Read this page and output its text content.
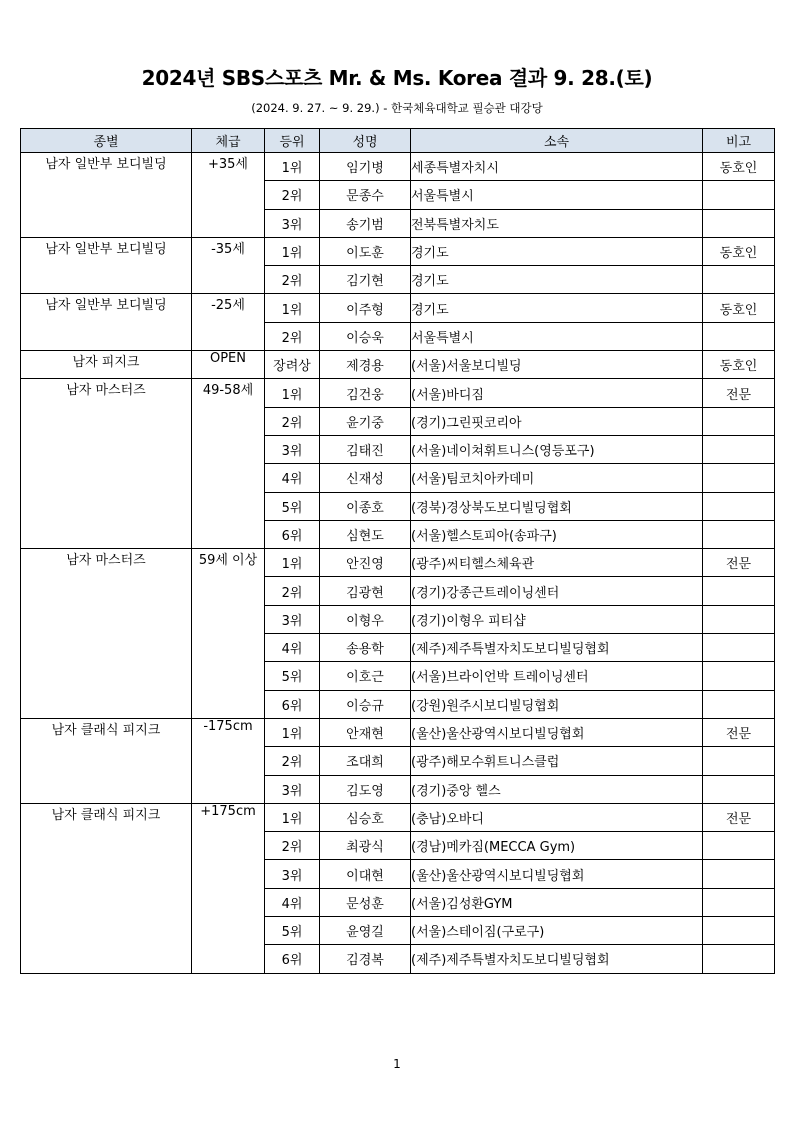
2024년 SBS스포츠 Mr. & Ms. Korea 결과 9. 28.(토)
(2024. 9. 27. ~ 9. 29.) - 한국체육대학교 필승관 대강당
종별	체급	등위	성명	소속	비고
남자 일반부 보디빌딩	+35세	1위	임기병	세종특별자치시	동호인
		2위	문종수	서울특별시	
		3위	송기범	전북특별자치도	
남자 일반부 보디빌딩	-35세	1위	이도훈	경기도	동호인
		2위	김기현	경기도	
남자 일반부 보디빌딩	-25세	1위	이주형	경기도	동호인
		2위	이승욱	서울특별시	
남자 피지크	OPEN	장려상	제경용	(서울)서울보디빌딩	동호인
남자 마스터즈	49-58세	1위	김건웅	(서울)바디짐	전문
		2위	윤기중	(경기)그린핏코리아	
		3위	김태진	(서울)네이쳐휘트니스(영등포구)	
		4위	신재성	(서울)팀코치아카데미	
		5위	이종호	(경북)경상북도보디빌딩협회	
		6위	심현도	(서울)헬스토피아(송파구)	
남자 마스터즈	59세 이상	1위	안진영	(광주)씨티헬스체육관	전문
		2위	김광현	(경기)강종근트레이닝센터	
		3위	이형우	(경기)이형우 피티샵	
		4위	송용학	(제주)제주특별자치도보디빌딩협회	
		5위	이호근	(서울)브라이언박 트레이닝센터	
		6위	이승규	(강원)원주시보디빌딩협회	
남자 클래식 피지크	-175cm	1위	안재현	(울산)울산광역시보디빌딩협회	전문
		2위	조대희	(광주)해모수휘트니스클럽	
		3위	김도영	(경기)중앙 헬스	
남자 클래식 피지크	+175cm	1위	심승호	(충남)오바디	전문
		2위	최광식	(경남)메카짐(MECCA Gym)	
		3위	이대현	(울산)울산광역시보디빌딩협회	
		4위	문성훈	(서울)김성환GYM	
		5위	윤영길	(서울)스테이짐(구로구)	
		6위	김경복	(제주)제주특별자치도보디빌딩협회	
1
